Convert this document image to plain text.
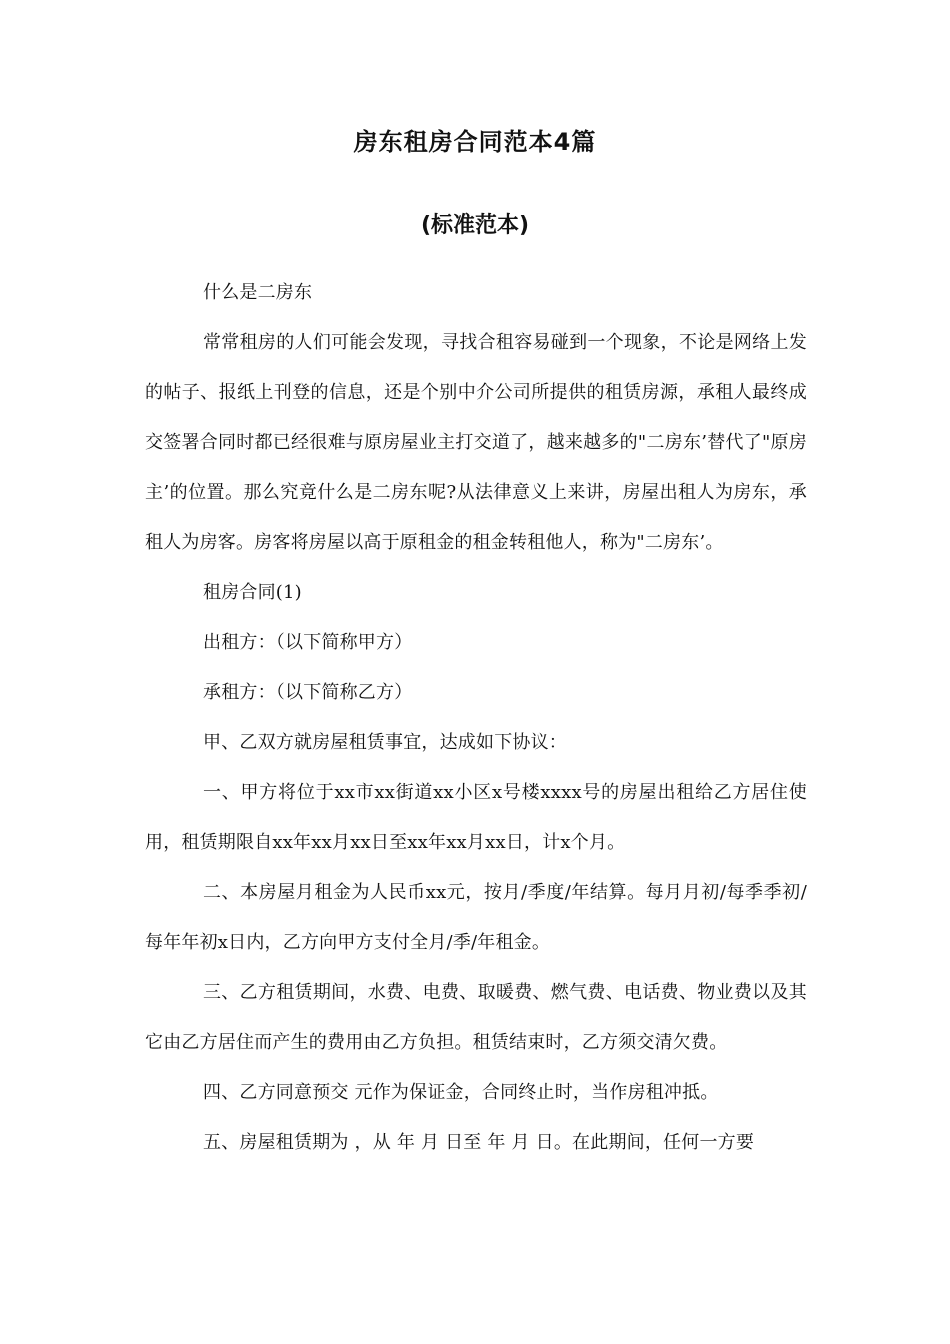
房东租房合同范本4篇
(标准范本)

什么是二房东

常常租房的人们可能会发现，寻找合租容易碰到一个现象，不论是网络上发的帖子、报纸上刊登的信息，还是个别中介公司所提供的租赁房源，承租人最终成交签署合同时都已经很难与原房屋业主打交道了，越来越多的"二房东’替代了"原房主’的位置。那么究竟什么是二房东呢?从法律意义上来讲，房屋出租人为房东，承租人为房客。房客将房屋以高于原租金的租金转租他人，称为"二房东’。

租房合同(1)

出租方：（以下简称甲方）

承租方：（以下简称乙方）

甲、乙双方就房屋租赁事宜，达成如下协议：

一、甲方将位于xx市xx街道xx小区x号楼xxxx号的房屋出租给乙方居住使用，租赁期限自xx年xx月xx日至xx年xx月xx日，计x个月。

二、本房屋月租金为人民币xx元，按月/季度/年结算。每月月初/每季季初/每年年初x日内，乙方向甲方支付全月/季/年租金。

三、乙方租赁期间，水费、电费、取暖费、燃气费、电话费、物业费以及其它由乙方居住而产生的费用由乙方负担。租赁结束时，乙方须交清欠费。

四、乙方同意预交 元作为保证金，合同终止时，当作房租冲抵。

五、房屋租赁期为 ，从 年 月 日至 年 月 日。在此期间，任何一方要
